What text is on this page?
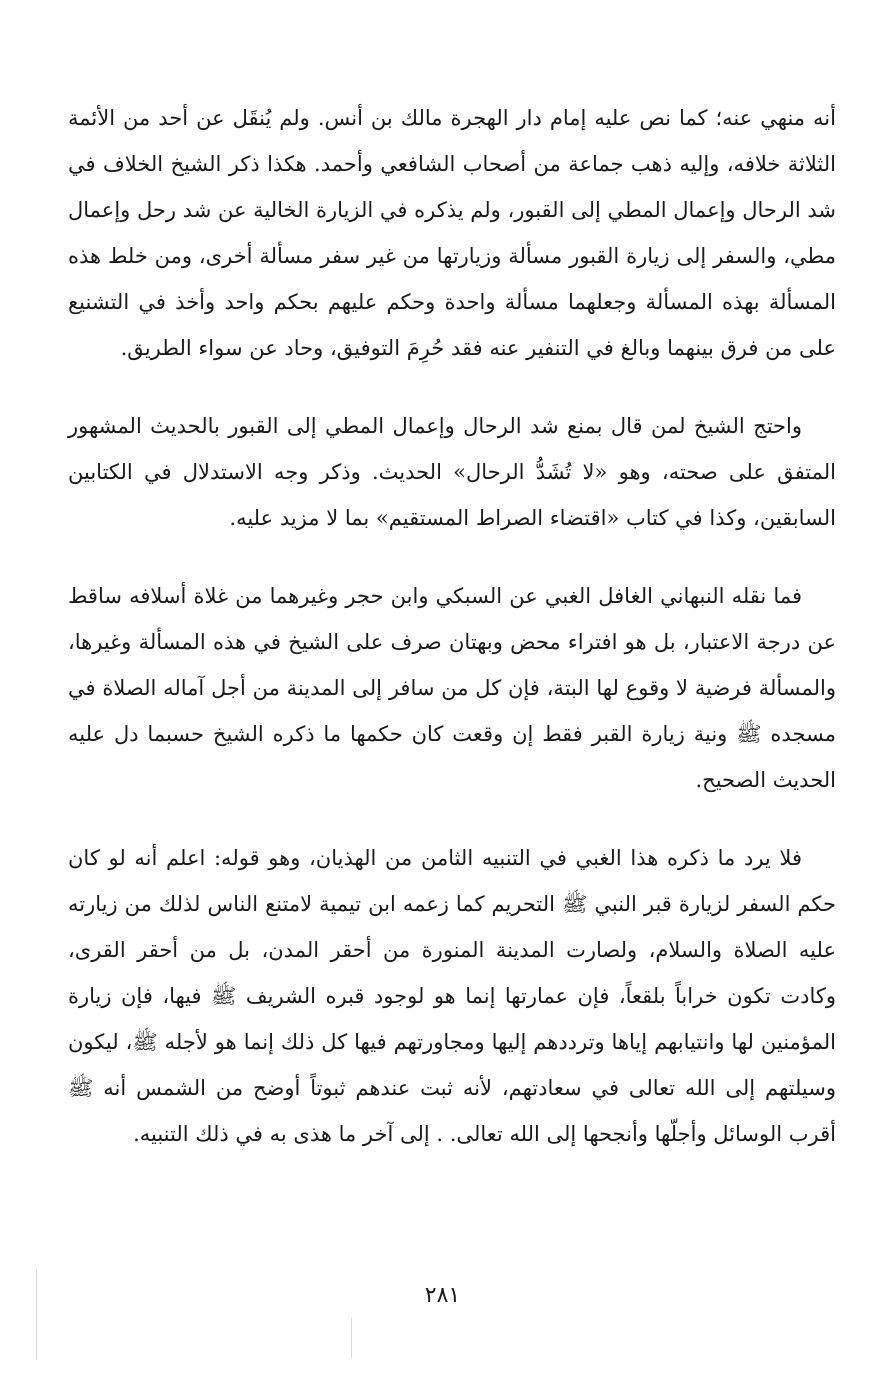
أنه منهي عنه؛ كما نص عليه إمام دار الهجرة مالك بن أنس. ولم يُنقَل عن أحد من الأئمة الثلاثة خلافه، وإليه ذهب جماعة من أصحاب الشافعي وأحمد. هكذا ذكر الشيخ الخلاف في شد الرحال وإعمال المطي إلى القبور، ولم يذكره في الزيارة الخالية عن شد رحل وإعمال مطي، والسفر إلى زيارة القبور مسألة وزيارتها من غير سفر مسألة أخرى، ومن خلط هذه المسألة بهذه المسألة وجعلهما مسألة واحدة وحكم عليهم بحكم واحد وأخذ في التشنيع على من فرق بينهما وبالغ في التنفير عنه فقد حُرِمَ التوفيق، وحاد عن سواء الطريق.

واحتج الشيخ لمن قال بمنع شد الرحال وإعمال المطي إلى القبور بالحديث المشهور المتفق على صحته، وهو «لا تُشَدُّ الرحال» الحديث. وذكر وجه الاستدلال في الكتابين السابقين، وكذا في كتاب «اقتضاء الصراط المستقيم» بما لا مزيد عليه.

فما نقله النبهاني الغافل الغبي عن السبكي وابن حجر وغيرهما من غلاة أسلافه ساقط عن درجة الاعتبار، بل هو افتراء محض وبهتان صرف على الشيخ في هذه المسألة وغيرها، والمسألة فرضية لا وقوع لها البتة، فإن كل من سافر إلى المدينة من أجل آماله الصلاة في مسجده ﷺ ونية زيارة القبر فقط إن وقعت كان حكمها ما ذكره الشيخ حسبما دل عليه الحديث الصحيح.

فلا يرد ما ذكره هذا الغبي في التنبيه الثامن من الهذيان، وهو قوله: اعلم أنه لو كان حكم السفر لزيارة قبر النبي ﷺ التحريم كما زعمه ابن تيمية لامتنع الناس لذلك من زيارته عليه الصلاة والسلام، ولصارت المدينة المنورة من أحقر المدن، بل من أحقر القرى، وكادت تكون خراباً بلقعاً، فإن عمارتها إنما هو لوجود قبره الشريف ﷺ فيها، فإن زيارة المؤمنين لها وانتيابهم إياها وترددهم إليها ومجاورتهم فيها كل ذلك إنما هو لأجله ﷺ، ليكون وسيلتهم إلى الله تعالى في سعادتهم، لأنه ثبت عندهم ثبوتاً أوضح من الشمس أنه ﷺ أقرب الوسائل وأجلّها وأنجحها إلى الله تعالى. . إلى آخر ما هذى به في ذلك التنبيه.

٢٨١
